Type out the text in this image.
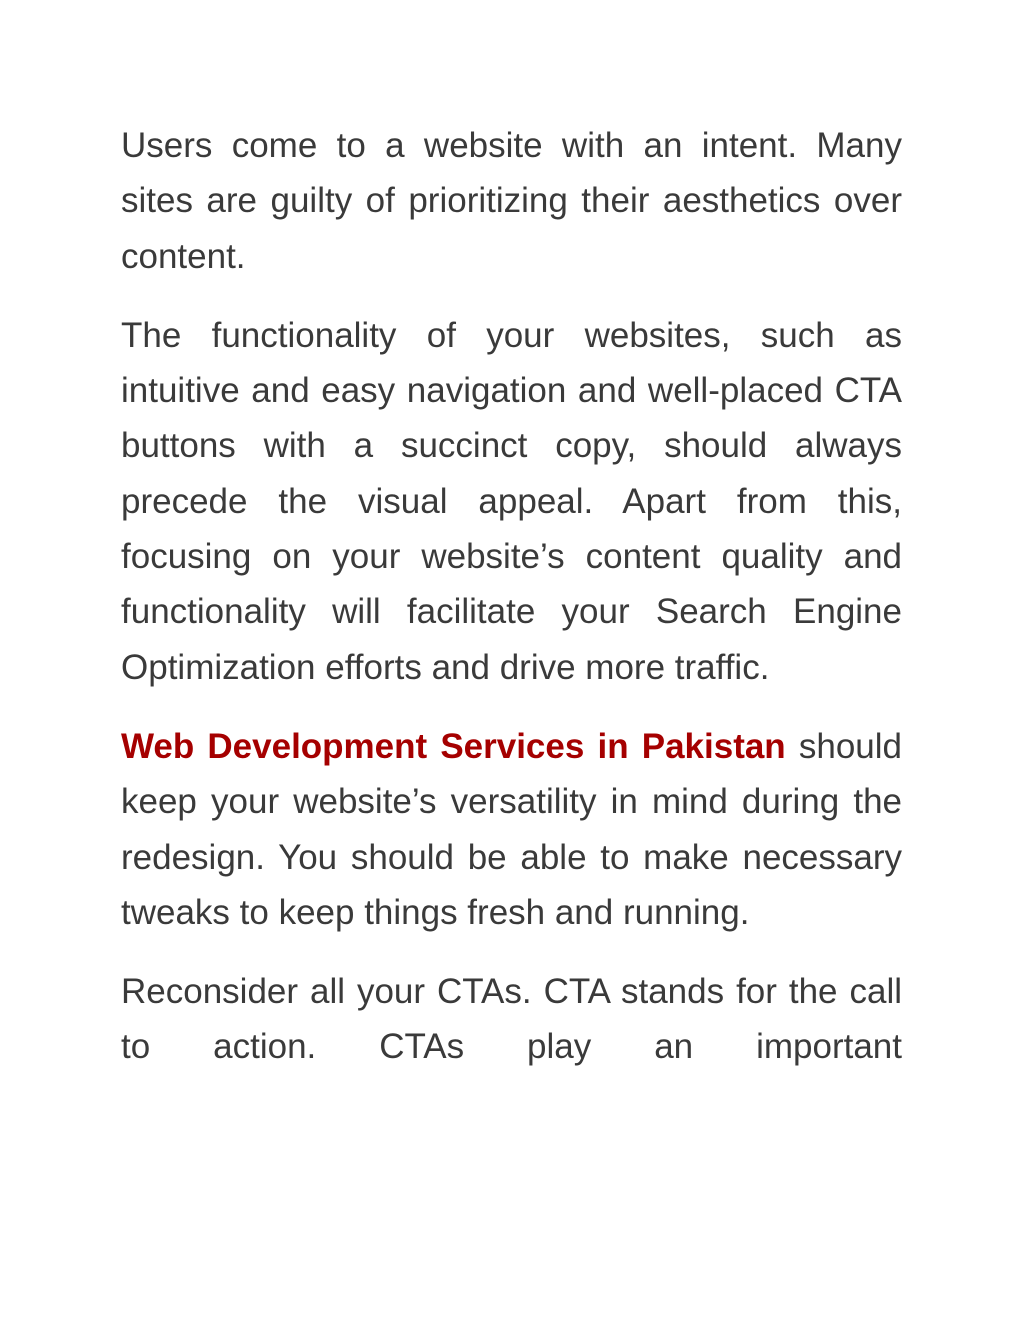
Users come to a website with an intent. Many sites are guilty of prioritizing their aesthetics over content.

The functionality of your websites, such as intuitive and easy navigation and well-placed CTA buttons with a succinct copy, should always precede the visual appeal. Apart from this, focusing on your website’s content quality and functionality will facilitate your Search Engine Optimization efforts and drive more traffic.

Web Development Services in Pakistan should keep your website’s versatility in mind during the redesign. You should be able to make necessary tweaks to keep things fresh and running.

Reconsider all your CTAs. CTA stands for the call to action. CTAs play an important
